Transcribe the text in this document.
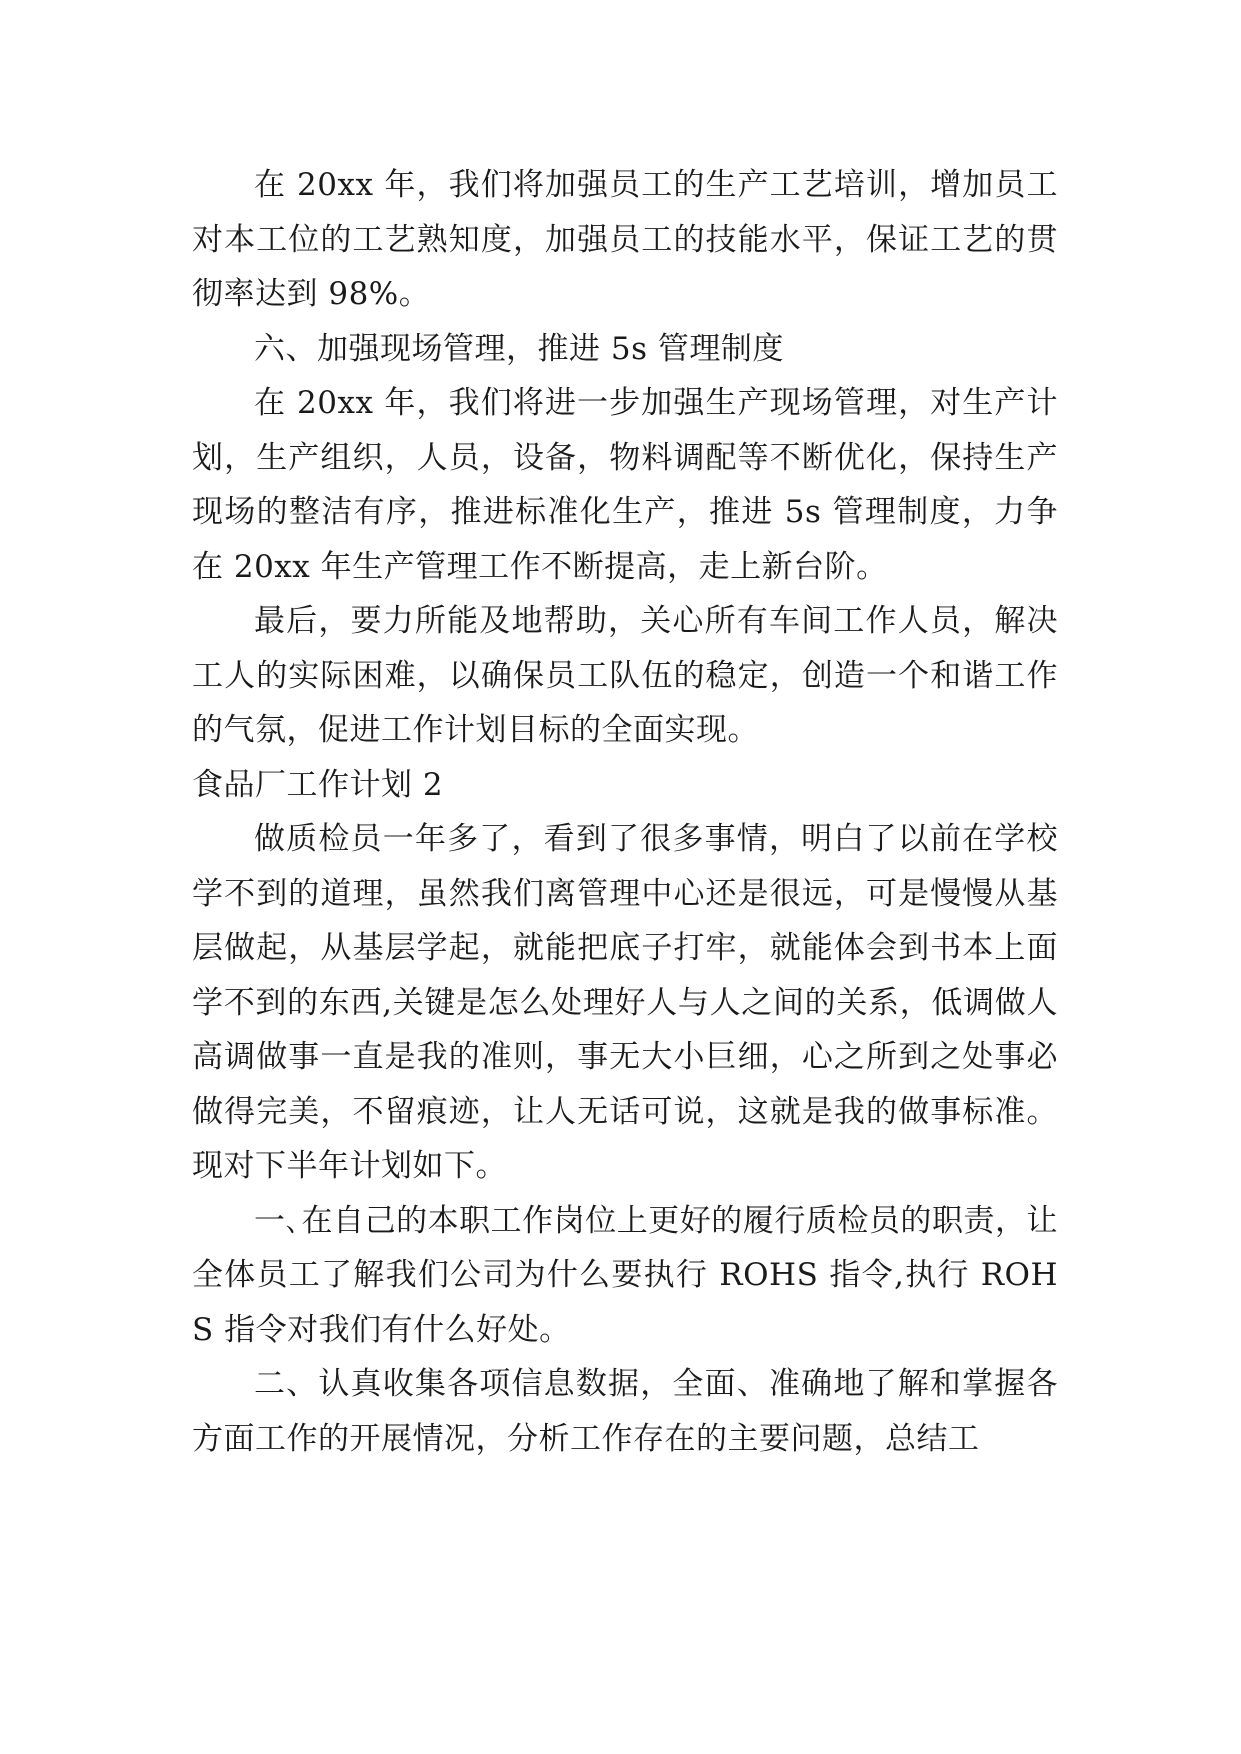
在 20xx 年，我们将加强员工的生产工艺培训，增加员工对本工位的工艺熟知度，加强员工的技能水平，保证工艺的贯彻率达到 98%。

六、加强现场管理，推进 5s 管理制度

在 20xx 年，我们将进一步加强生产现场管理，对生产计划，生产组织，人员，设备，物料调配等不断优化，保持生产现场的整洁有序，推进标准化生产，推进 5s 管理制度，力争在 20xx 年生产管理工作不断提高，走上新台阶。

最后，要力所能及地帮助，关心所有车间工作人员，解决工人的实际困难，以确保员工队伍的稳定，创造一个和谐工作的气氛，促进工作计划目标的全面实现。

食品厂工作计划 2

做质检员一年多了，看到了很多事情，明白了以前在学校学不到的道理，虽然我们离管理中心还是很远，可是慢慢从基层做起，从基层学起，就能把底子打牢，就能体会到书本上面学不到的东西,关键是怎么处理好人与人之间的关系，低调做人高调做事一直是我的准则，事无大小巨细，心之所到之处事必做得完美，不留痕迹，让人无话可说，这就是我的做事标准。现对下半年计划如下。

一､在自己的本职工作岗位上更好的履行质检员的职责，让全体员工了解我们公司为什么要执行 ROHS 指令,执行 ROHS 指令对我们有什么好处。

二、认真收集各项信息数据，全面、准确地了解和掌握各方面工作的开展情况，分析工作存在的主要问题，总结工
